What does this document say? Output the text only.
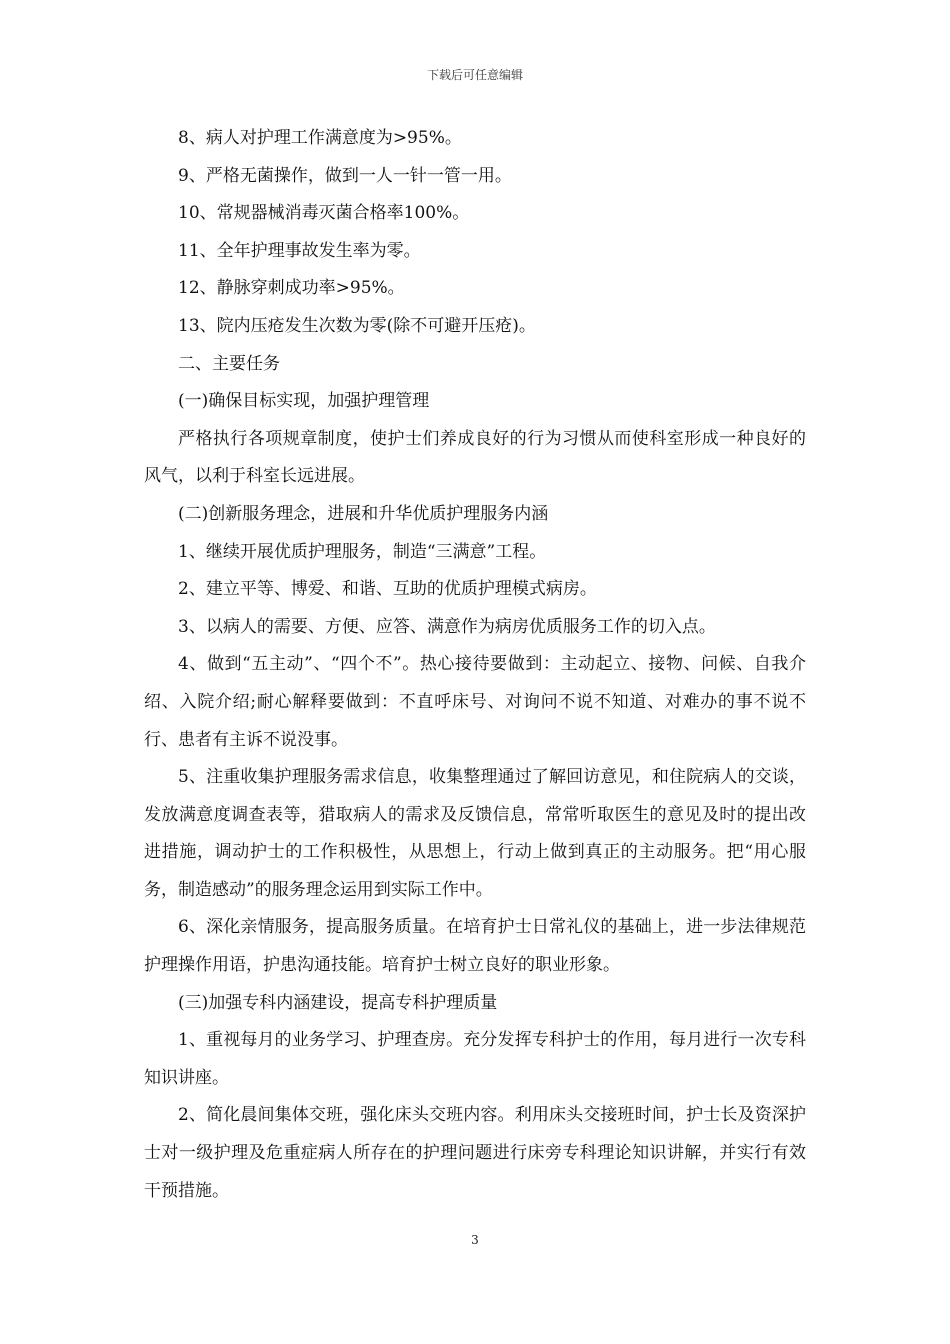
下载后可任意编辑

8、病人对护理工作满意度为>95%。

9、严格无菌操作，做到一人一针一管一用。

10、常规器械消毒灭菌合格率100%。

11、全年护理事故发生率为零。

12、静脉穿刺成功率>95%。

13、院内压疮发生次数为零(除不可避开压疮)。

二、主要任务

(一)确保目标实现，加强护理管理

严格执行各项规章制度，使护士们养成良好的行为习惯从而使科室形成一种良好的风气，以利于科室长远进展。

(二)创新服务理念，进展和升华优质护理服务内涵

1、继续开展优质护理服务，制造“三满意”工程。

2、建立平等、博爱、和谐、互助的优质护理模式病房。

3、以病人的需要、方便、应答、满意作为病房优质服务工作的切入点。

4、做到“五主动”、“四个不”。热心接待要做到：主动起立、接物、问候、自我介绍、入院介绍;耐心解释要做到：不直呼床号、对询问不说不知道、对难办的事不说不行、患者有主诉不说没事。

5、注重收集护理服务需求信息，收集整理通过了解回访意见，和住院病人的交谈，发放满意度调查表等，猎取病人的需求及反馈信息，常常听取医生的意见及时的提出改进措施，调动护士的工作积极性，从思想上，行动上做到真正的主动服务。把“用心服务，制造感动”的服务理念运用到实际工作中。

6、深化亲情服务，提高服务质量。在培育护士日常礼仪的基础上，进一步法律规范护理操作用语，护患沟通技能。培育护士树立良好的职业形象。

(三)加强专科内涵建设，提高专科护理质量

1、重视每月的业务学习、护理查房。充分发挥专科护士的作用，每月进行一次专科知识讲座。

2、简化晨间集体交班，强化床头交班内容。利用床头交接班时间，护士长及资深护士对一级护理及危重症病人所存在的护理问题进行床旁专科理论知识讲解，并实行有效干预措施。

3
